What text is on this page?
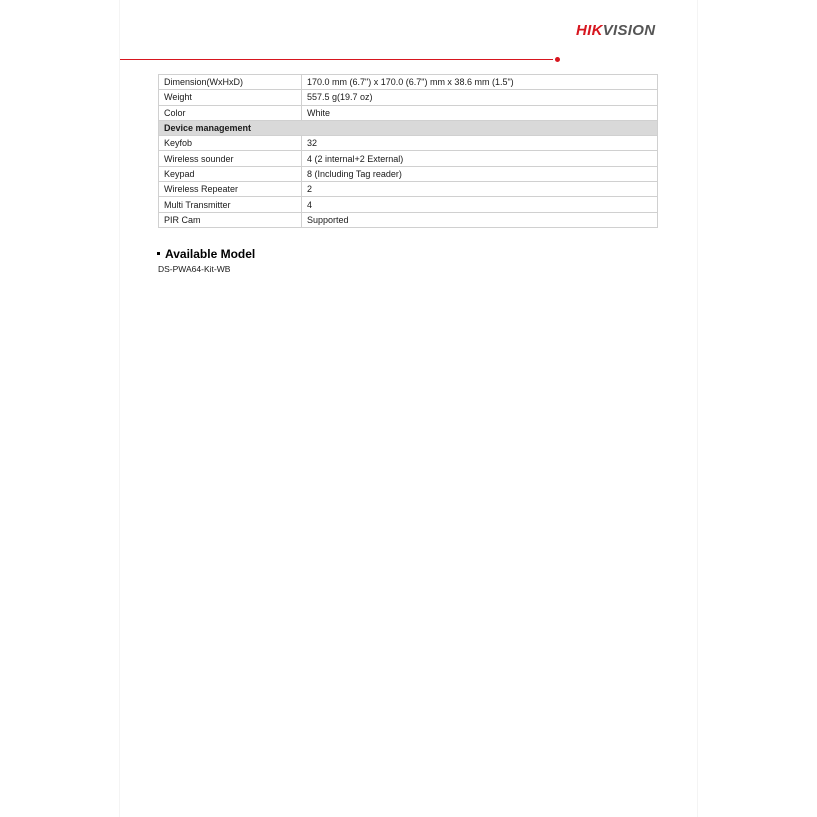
HIKVISION
Dimension(WxHxD)	170.0 mm (6.7") x 170.0 (6.7") mm x 38.6 mm (1.5")
Weight	557.5 g(19.7 oz)
Color	White
Device management	
Keyfob	32
Wireless sounder	4 (2 internal+2 External)
Keypad	8 (Including Tag reader)
Wireless Repeater	2
Multi Transmitter	4
PIR Cam	Supported
Available Model
DS-PWA64-Kit-WB
